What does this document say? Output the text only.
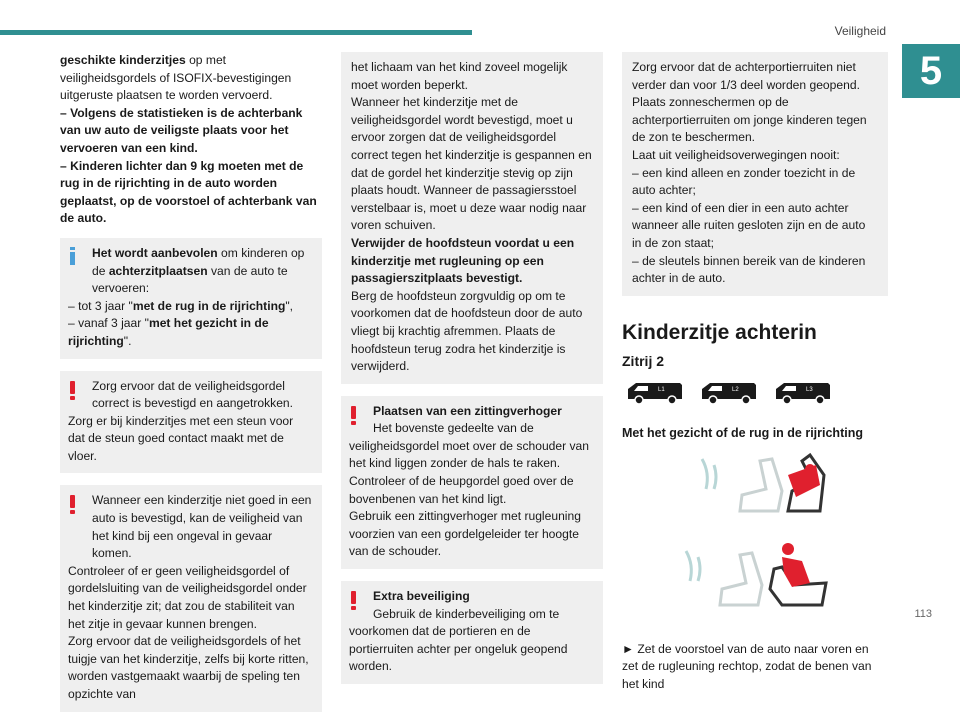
Veiligheid
5
113

geschikte kinderzitjes op met veiligheidsgordels of ISOFIX-bevestigingen uitgeruste plaatsen te worden vervoerd.

– Volgens de statistieken is de achterbank van uw auto de veiligste plaats voor het vervoeren van een kind.

– Kinderen lichter dan 9 kg moeten met de rug in de rijrichting in de auto worden geplaatst, op de voorstoel of achterbank van de auto.

Het wordt aanbevolen om kinderen op de achterzitplaatsen van de auto te vervoeren:

– tot 3 jaar "met de rug in de rijrichting",

– vanaf 3 jaar "met het gezicht in de rijrichting".

Zorg ervoor dat de veiligheidsgordel correct is bevestigd en aangetrokken.

Zorg er bij kinderzitjes met een steun voor dat de steun goed contact maakt met de vloer.

Wanneer een kinderzitje niet goed in een auto is bevestigd, kan de veiligheid van het kind bij een ongeval in gevaar komen.

Controleer of er geen veiligheidsgordel of gordelsluiting van de veiligheidsgordel onder het kinderzitje zit; dat zou de stabiliteit van het zitje in gevaar kunnen brengen.

Zorg ervoor dat de veiligheidsgordels of het tuigje van het kinderzitje, zelfs bij korte ritten, worden vastgemaakt waarbij de speling ten opzichte van

het lichaam van het kind zoveel mogelijk moet worden beperkt.

Wanneer het kinderzitje met de veiligheidsgordel wordt bevestigd, moet u ervoor zorgen dat de veiligheidsgordel correct tegen het kinderzitje is gespannen en dat de gordel het kinderzitje stevig op zijn plaats houdt. Wanneer de passagiersstoel verstelbaar is, moet u deze waar nodig naar voren schuiven.

Verwijder de hoofdsteun voordat u een kinderzitje met rugleuning op een passagierszitplaats bevestigt.

Berg de hoofdsteun zorgvuldig op om te voorkomen dat de hoofdsteun door de auto vliegt bij krachtig afremmen. Plaats de hoofdsteun terug zodra het kinderzitje is verwijderd.

Plaatsen van een zittingverhoger

Het bovenste gedeelte van de veiligheidsgordel moet over de schouder van het kind liggen zonder de hals te raken.

Controleer of de heupgordel goed over de bovenbenen van het kind ligt.

Gebruik een zittingverhoger met rugleuning voorzien van een gordelgeleider ter hoogte van de schouder.

Extra beveiliging

Gebruik de kinderbeveiliging om te voorkomen dat de portieren en de portierruiten achter per ongeluk geopend worden.

Zorg ervoor dat de achterportierruiten niet verder dan voor 1/3 deel worden geopend.

Plaats zonneschermen op de achterportierruiten om jonge kinderen tegen de zon te beschermen.

Laat uit veiligheidsoverwegingen nooit:

– een kind alleen en zonder toezicht in de auto achter;

– een kind of een dier in een auto achter wanneer alle ruiten gesloten zijn en de auto in de zon staat;

– de sleutels binnen bereik van de kinderen achter in de auto.

Kinderzitje achterin
Zitrij 2
L1	L2	L3
Met het gezicht of de rug in de rijrichting

► Zet de voorstoel van de auto naar voren en zet de rugleuning rechtop, zodat de benen van het kind
